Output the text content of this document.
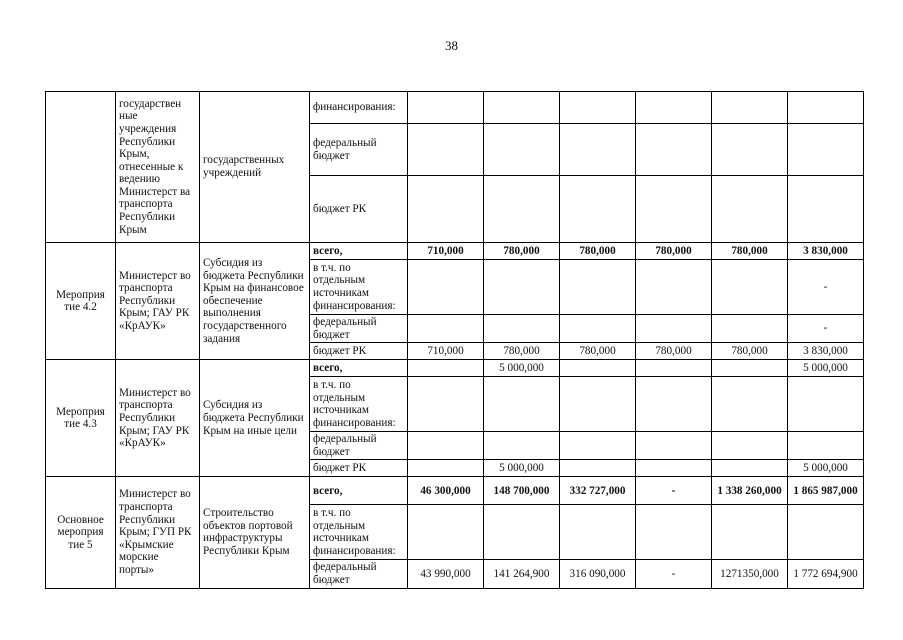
38
	государствен ные учреждения Республики Крым, отнесенные к ведению Министерст ва транспорта Республики Крым	государственных учреждений	финансирования:						
			федеральный бюджет						
			бюджет РК						
Мероприя тие 4.2	Министерст во транспорта Республики Крым; ГАУ РК «КрАУК»	Субсидия из бюджета Республики Крым на финансовое обеспечение выполнения государственного задания	всего,	710,000	780,000	780,000	780,000	780,000	3 830,000
			в т.ч. по отдельным источникам финансирования:						-
			федеральный бюджет						-
			бюджет РК	710,000	780,000	780,000	780,000	780,000	3 830,000
Мероприя тие 4.3	Министерст во транспорта Республики Крым; ГАУ РК «КрАУК»	Субсидия из бюджета Республики Крым на иные цели	всего,		5 000,000				5 000,000
			в т.ч. по отдельным источникам финансирования:						
			федеральный бюджет						
			бюджет РК		5 000,000				5 000,000
Основное мероприя тие 5	Министерст во транспорта Республики Крым; ГУП РК «Крымские морские порты»	Строительство объектов портовой инфраструктуры Республики Крым	всего,	46 300,000	148 700,000	332 727,000	-	1 338 260,000	1 865 987,000
			в т.ч. по отдельным источникам финансирования:						
			федеральный бюджет	43 990,000	141 264,900	316 090,000	-	1271350,000	1 772 694,900
